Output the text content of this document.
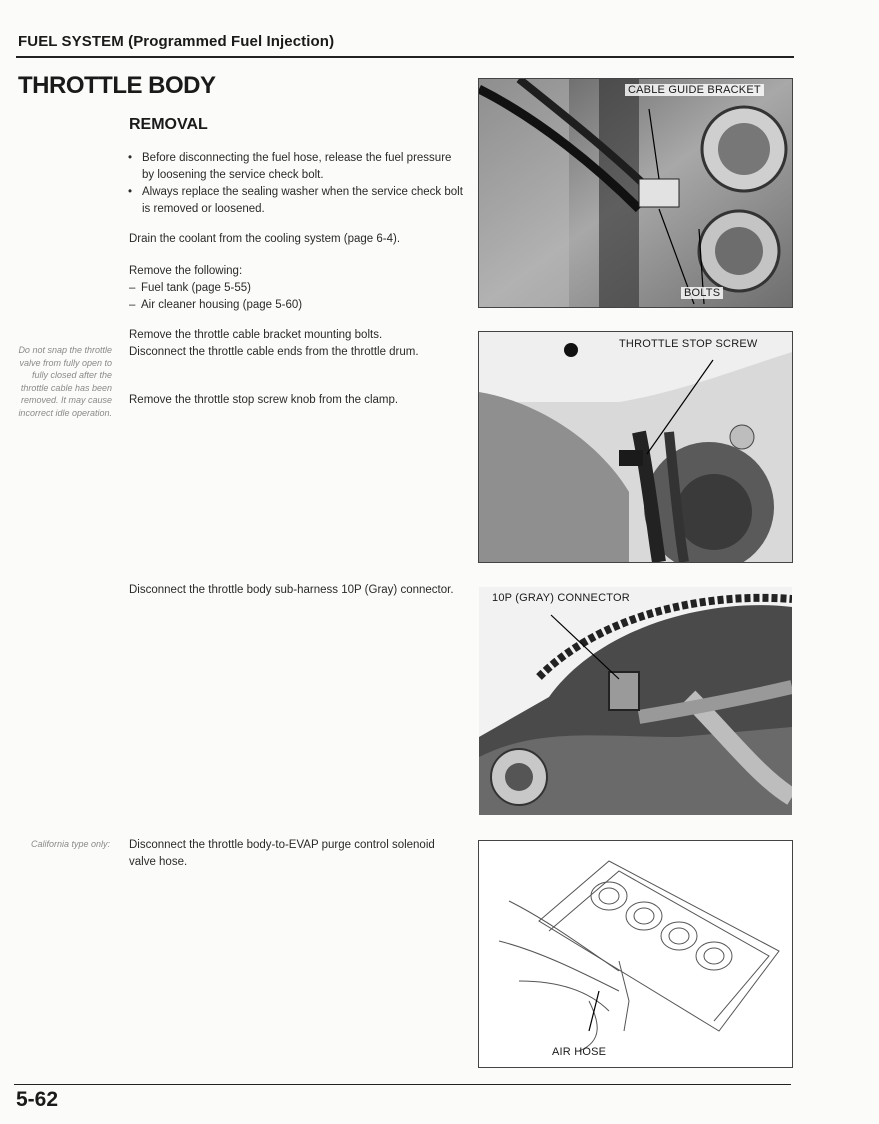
FUEL SYSTEM (Programmed Fuel Injection)
THROTTLE BODY
REMOVAL
• Before disconnecting the fuel hose, release the fuel pressure by loosening the service check bolt.
• Always replace the sealing washer when the service check bolt is removed or loosened.
Drain the coolant from the cooling system (page 6-4).
Remove the following:
– Fuel tank (page 5-55)
– Air cleaner housing (page 5-60)
Remove the throttle cable bracket mounting bolts.
Disconnect the throttle cable ends from the throttle drum.
Remove the throttle stop screw knob from the clamp.
Do not snap the throttle valve from fully open to fully closed after the throttle cable has been removed. It may cause incorrect idle operation.
Disconnect the throttle body sub-harness 10P (Gray) connector.
California type only: Disconnect the throttle body-to-EVAP purge control solenoid valve hose.
CABLE GUIDE BRACKET
BOLTS
THROTTLE STOP SCREW
10P (GRAY) CONNECTOR
AIR HOSE
5-62
